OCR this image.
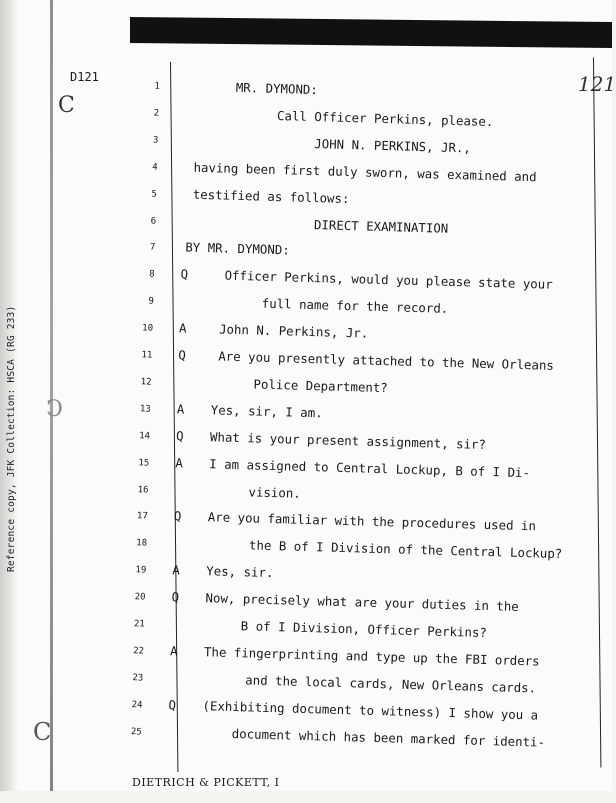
Reference copy, JFK Collection: HSCA (RG 233)
D121
C
C
C
121
1	MR. DYMOND:
2	Call Officer Perkins, please.
3	JOHN N. PERKINS, JR.,
4	having been first duly sworn, was examined and
5	testified as follows:
6	DIRECT EXAMINATION
7 BY MR. DYMOND:
8 Q	Officer Perkins, would you please state your
9	full name for the record.
10 A	John N. Perkins, Jr.
11 Q	Are you presently attached to the New Orleans
12	Police Department?
13 A Yes, sir, I am.
14 Q What is your present assignment, sir?
15 A I am assigned to Central Lockup, B of I Di-
16	vision.
17 Q Are you familiar with the procedures used in
18	the B of I Division of the Central Lockup?
19 A Yes, sir.
20 Q Now, precisely what are your duties in the
21	B of I Division, Officer Perkins?
22 A The fingerprinting and type up the FBI orders
23	and the local cards, New Orleans cards.
24 Q (Exhibiting document to witness) I show you a
25	document which has been marked for identi-
DIETRICH & PICKETT, I
